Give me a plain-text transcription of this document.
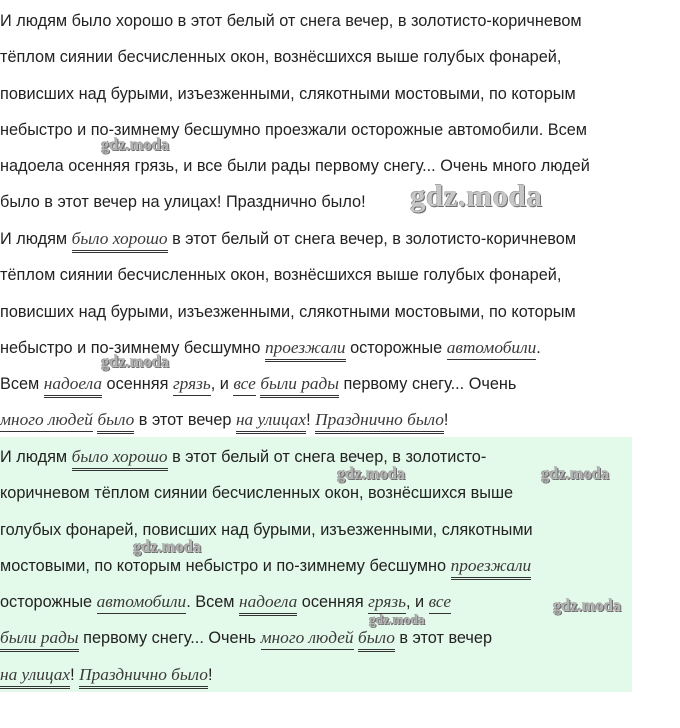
И людям было хорошо в этот белый от снега вечер, в золотисто-коричневом
тёплом сиянии бесчисленных окон, вознёсшихся выше голубых фонарей,
повисших над бурыми, изъезженными, слякотными мостовыми, по которым
небыстро и по-зимнему бесшумно проезжали осторожные автомобили. Всем
надоела осенняя грязь, и все были рады первому снегу... Очень много людей
было в этот вечер на улицах! Празднично было!
И людям было хорошо в этот белый от снега вечер, в золотисто-коричневом
тёплом сиянии бесчисленных окон, вознёсшихся выше голубых фонарей,
повисших над бурыми, изъезженными, слякотными мостовыми, по которым
небыстро и по-зимнему бесшумно проезжали осторожные автомобили.
Всем надоела осенняя грязь, и все были рады первому снегу... Очень
много людей было в этот вечер на улицах! Празднично было!
И людям было хорошо в этот белый от снега вечер, в золотисто-
коричневом тёплом сиянии бесчисленных окон, вознёсшихся выше
голубых фонарей, повисших над бурыми, изъезженными, слякотными
мостовыми, по которым небыстро и по-зимнему бесшумно проезжали
осторожные автомобили. Всем надоела осенняя грязь, и все
были рады первому снегу... Очень много людей было в этот вечер
на улицах! Празднично было!
gdz.moda
gdz.moda
gdz.moda
gdz.moda	gdz.moda
gdz.moda
gdz.moda
gdz.moda
